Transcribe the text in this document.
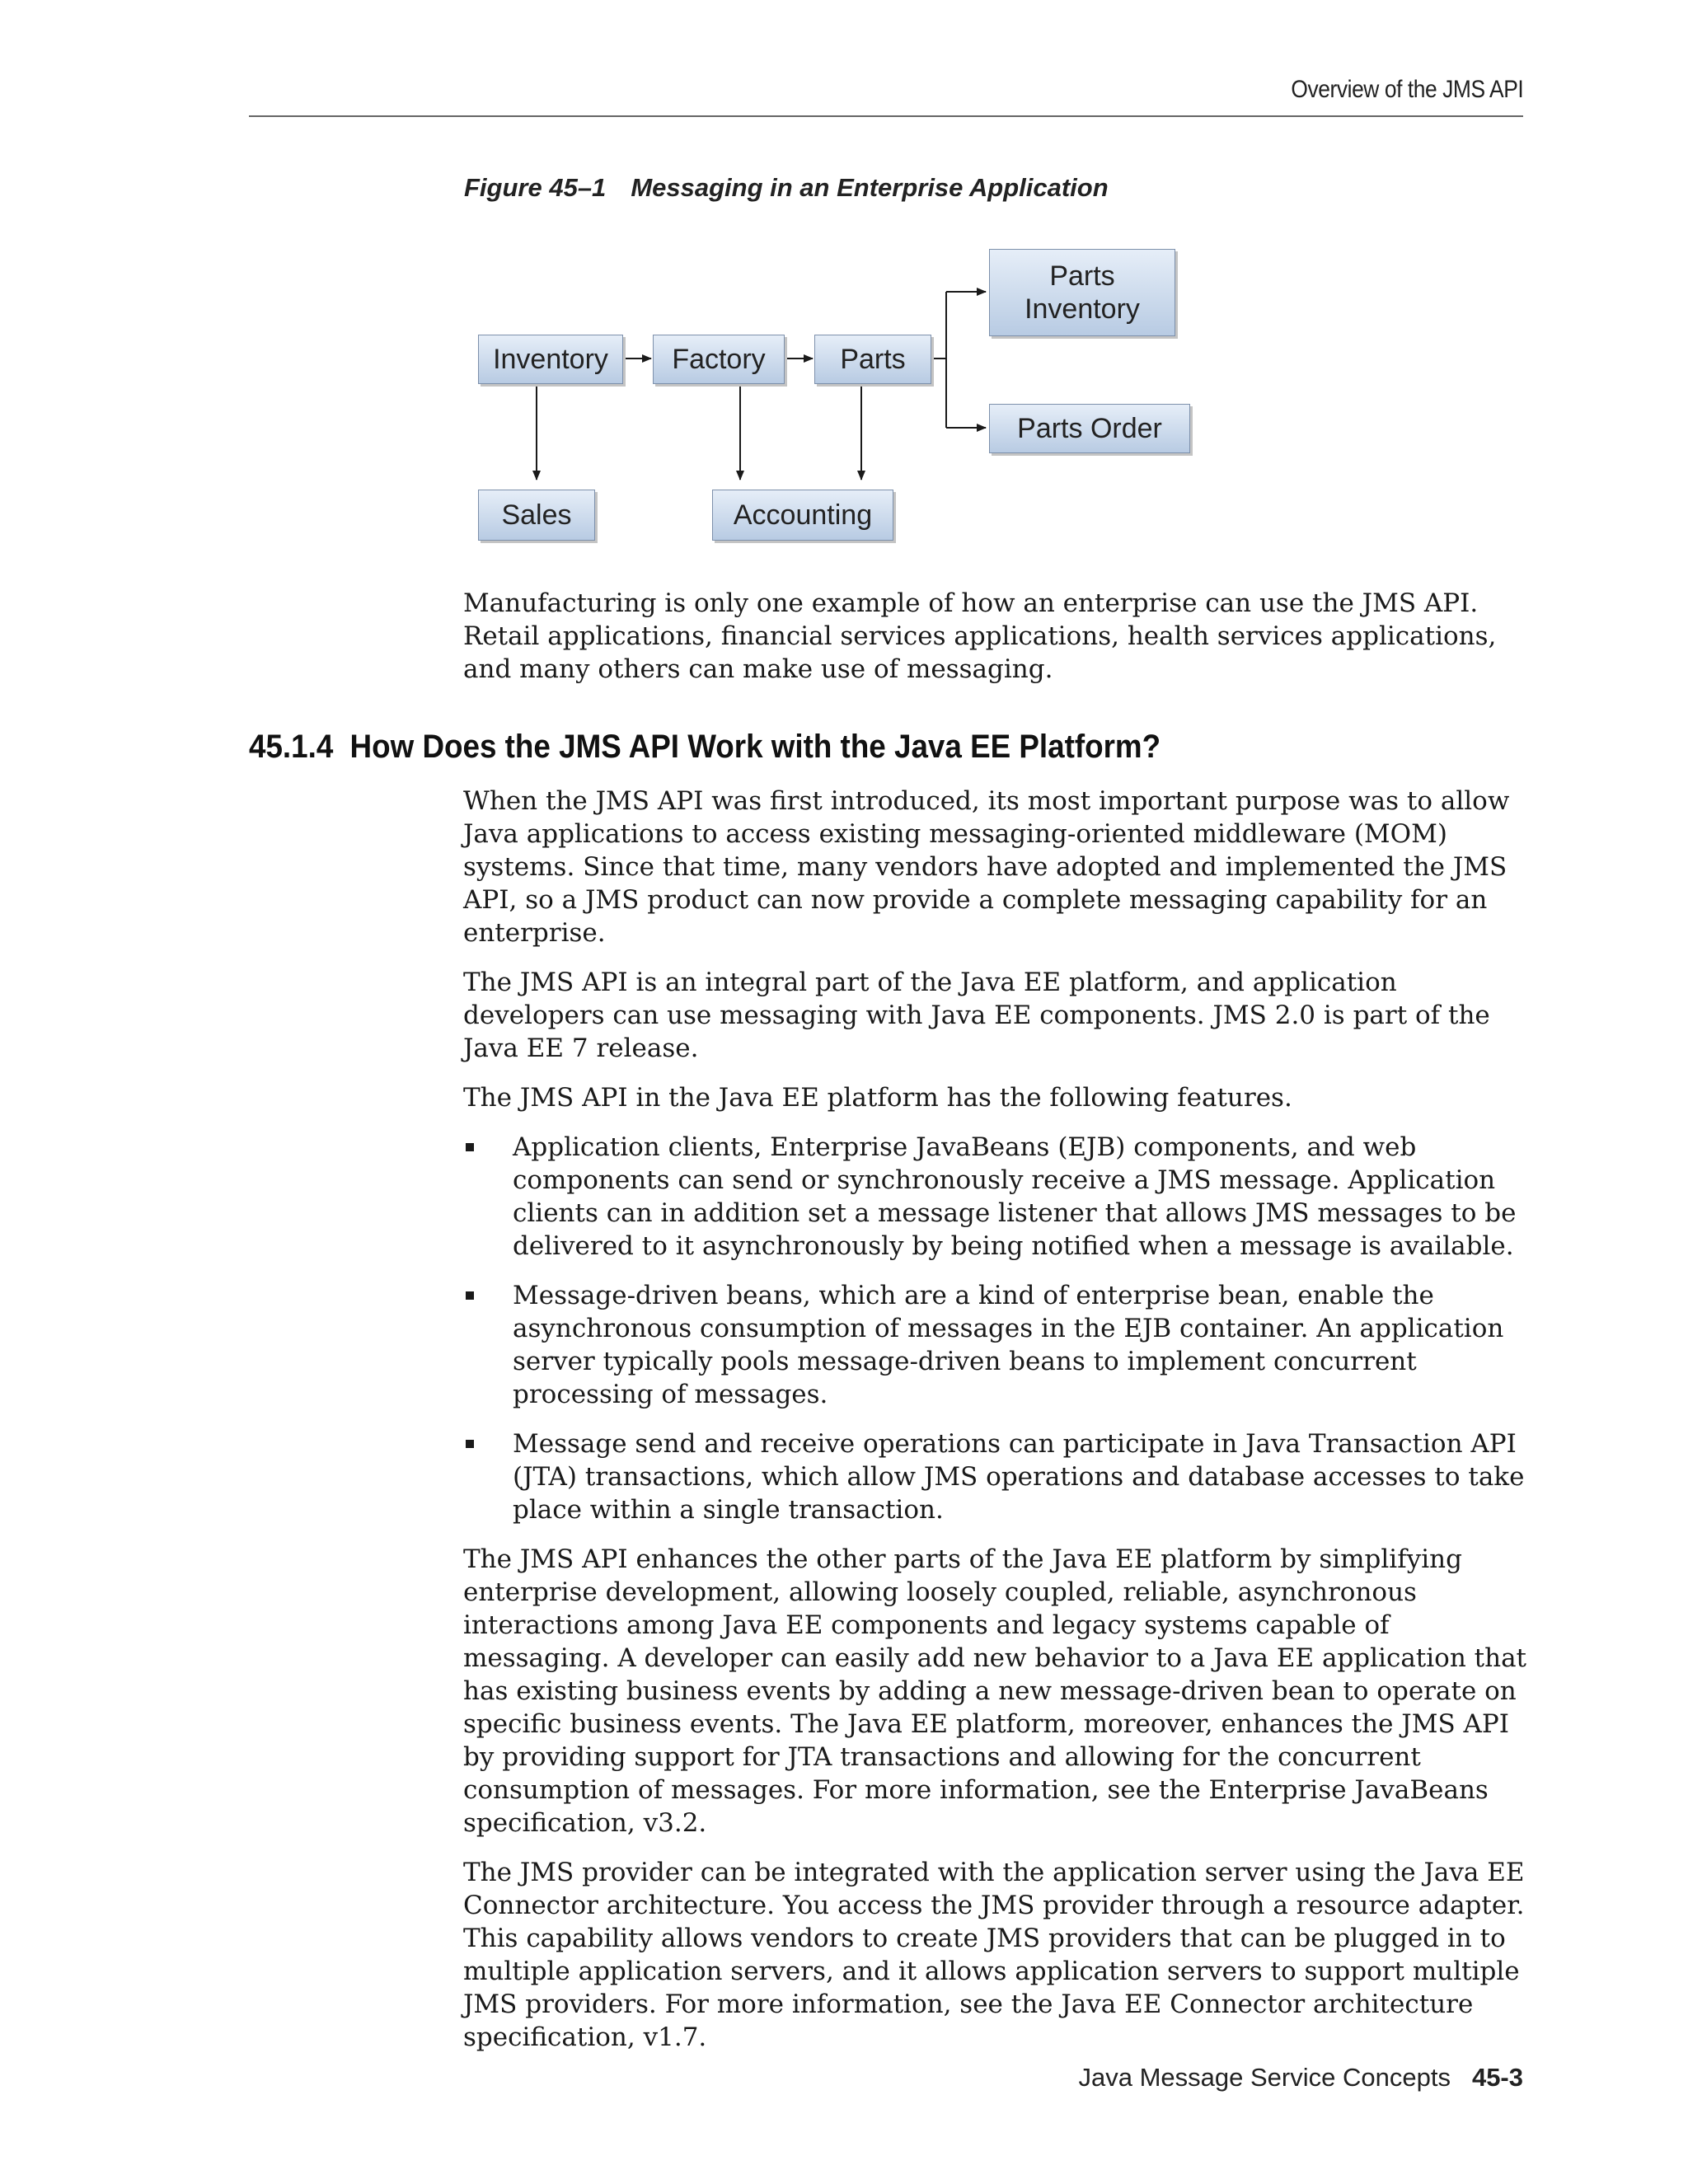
Overview of the JMS API
Figure 45–1 Messaging in an Enterprise Application
Inventory Factory	Parts
Parts
Inventory
Parts Order
Sales	Accounting

Manufacturing is only one example of how an enterprise can use the JMS API. Retail applications, financial services applications, health services applications, and many others can make use of messaging.

45.1.4 How Does the JMS API Work with the Java EE Platform?

When the JMS API was first introduced, its most important purpose was to allow Java applications to access existing messaging-oriented middleware (MOM) systems. Since that time, many vendors have adopted and implemented the JMS API, so a JMS product can now provide a complete messaging capability for an enterprise.

The JMS API is an integral part of the Java EE platform, and application developers can use messaging with Java EE components. JMS 2.0 is part of the Java EE 7 release.

The JMS API in the Java EE platform has the following features.

Application clients, Enterprise JavaBeans (EJB) components, and web components can send or synchronously receive a JMS message. Application clients can in addition set a message listener that allows JMS messages to be delivered to it asynchronously by being notified when a message is available.
Message-driven beans, which are a kind of enterprise bean, enable the asynchronous consumption of messages in the EJB container. An application server typically pools message-driven beans to implement concurrent processing of messages.
Message send and receive operations can participate in Java Transaction API (JTA) transactions, which allow JMS operations and database accesses to take place within a single transaction.

The JMS API enhances the other parts of the Java EE platform by simplifying enterprise development, allowing loosely coupled, reliable, asynchronous interactions among Java EE components and legacy systems capable of messaging. A developer can easily add new behavior to a Java EE application that has existing business events by adding a new message-driven bean to operate on specific business events. The Java EE platform, moreover, enhances the JMS API by providing support for JTA transactions and allowing for the concurrent consumption of messages. For more information, see the Enterprise JavaBeans specification, v3.2.

The JMS provider can be integrated with the application server using the Java EE Connector architecture. You access the JMS provider through a resource adapter. This capability allows vendors to create JMS providers that can be plugged in to multiple application servers, and it allows application servers to support multiple JMS providers. For more information, see the Java EE Connector architecture specification, v1.7.

Java Message Service Concepts 45-3
